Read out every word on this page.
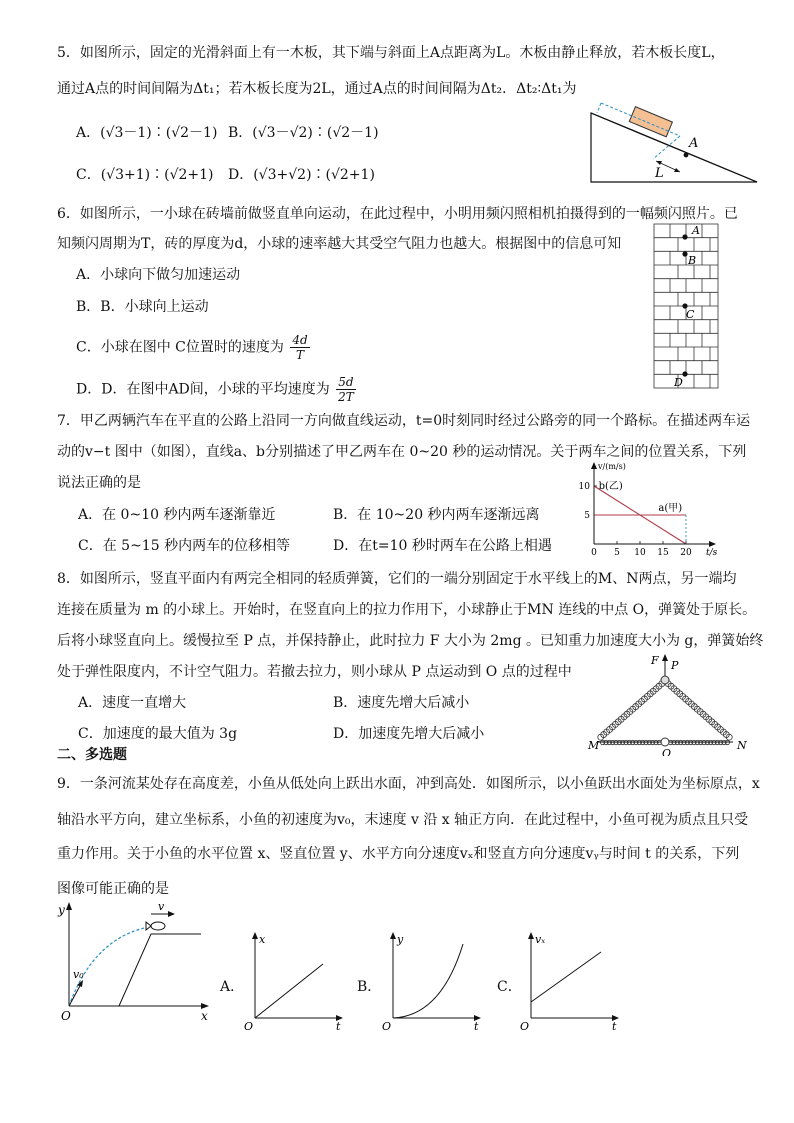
5．如图所示，固定的光滑斜面上有一木板，其下端与斜面上A点距离为L。木板由静止释放，若木板长度L，
通过A点的时间间隔为Δt₁；若木板长度为2L，通过A点的时间间隔为Δt₂．Δt₂∶Δt₁为
A．(√3－1)∶(√2－1) B．(√3－√2)∶(√2－1)
C．(√3+1)∶(√2+1) D．(√3+√2)∶(√2+1)
A
L
6．如图所示，一小球在砖墙前做竖直单向运动，在此过程中，小明用频闪照相机拍摄得到的一幅频闪照片。已
知频闪周期为T，砖的厚度为d，小球的速率越大其受空气阻力也越大。根据图中的信息可知
A．小球向下做匀加速运动
B．B．小球向上运动
C．小球在图中 C位置时的速度为 $\frac{4d}{T}$
D．D．在图中AD间，小球的平均速度为 $\frac{5d}{2T}$
A
B
C
D
7．甲乙两辆汽车在平直的公路上沿同一方向做直线运动，t=0时刻同时经过公路旁的同一个路标。在描述两车运
动的v−t 图中（如图），直线a、b分别描述了甲乙两车在 0~20 秒的运动情况。关于两车之间的位置关系，下列
说法正确的是
A．在 0~10 秒内两车逐渐靠近	B．在 10~20 秒内两车逐渐远离
C．在 5~15 秒内两车的位移相等	D．在t=10 秒时两车在公路上相遇	0 5 10 15 20
5
10
a(甲)
b(乙)
v/(m/s)
t/s
8．如图所示，竖直平面内有两完全相同的轻质弹簧，它们的一端分别固定于水平线上的M、N两点，另一端均
连接在质量为 m 的小球上。开始时，在竖直向上的拉力作用下，小球静止于MN 连线的中点 O，弹簧处于原长。
后将小球竖直向上。缓慢拉至 P 点，并保持静止，此时拉力 F 大小为 2mg 。已知重力加速度大小为 g，弹簧始终
处于弹性限度内，不计空气阻力。若撤去拉力，则小球从 P 点运动到 O 点的过程中
A．速度一直增大	B．速度先增大后减小
C．加速度的最大值为 3g	D．加速度先增大后减小
F P
M
O
N
二、多选题
9．一条河流某处存在高度差，小鱼从低处向上跃出水面，冲到高处．如图所示，以小鱼跃出水面处为坐标原点，x
轴沿水平方向，建立坐标系，小鱼的初速度为v₀，末速度 v 沿 x 轴正方向．在此过程中，小鱼可视为质点且只受
重力作用。关于小鱼的水平位置 x、竖直位置 y、水平方向分速度vₓ和竖直方向分速度vᵧ与时间 t 的关系，下列
图像可能正确的是
y
x
O
v₀
v
A．
x
t
O
B．
y
t
O
C．
vₓ
t
O
